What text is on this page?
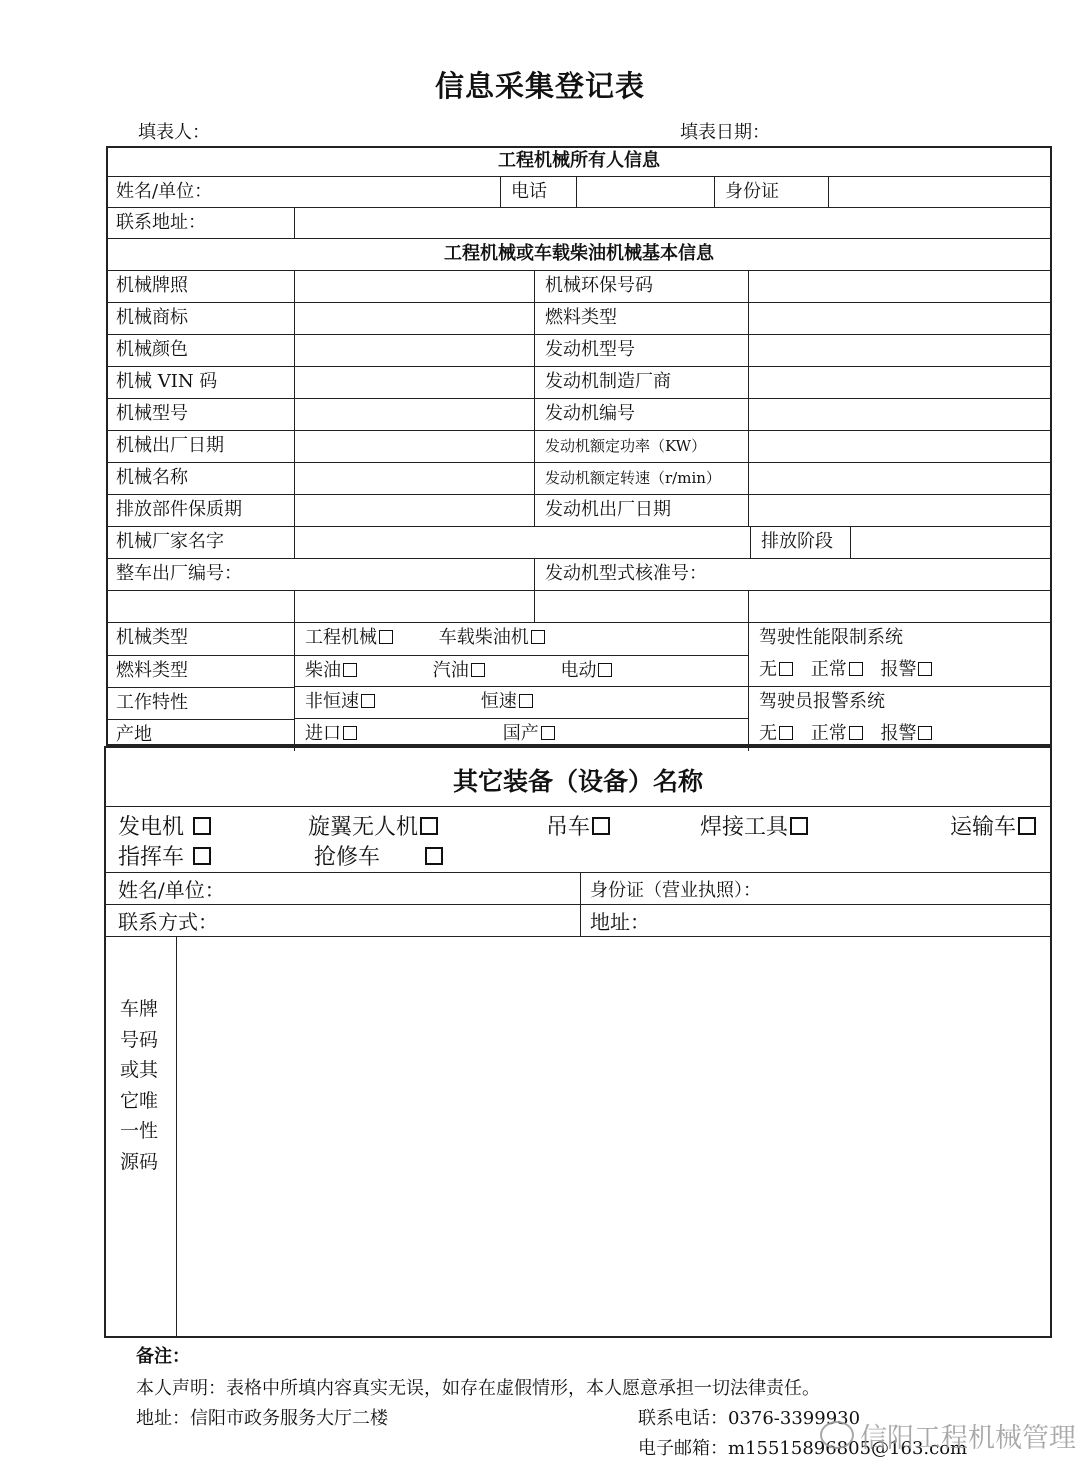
信息采集登记表
填表人：	填表日期：
工程机械所有人信息
姓名/单位：	电话	身份证
联系地址：
工程机械或车载柴油机械基本信息
机械牌照	机械环保号码
机械商标	燃料类型
机械颜色	发动机型号
机械 VIN 码	发动机制造厂商
机械型号	发动机编号
机械出厂日期	发动机额定功率（KW）
机械名称	发动机额定转速（r/min）
排放部件保质期	发动机出厂日期
机械厂家名字	排放阶段
整车出厂编号：	发动机型式核准号：
机械类型	工程机械	车载柴油机	驾驶性能限制系统
燃料类型	柴油	汽油	电动	无 正常 报警
工作特性	非恒速	恒速	驾驶员报警系统
产地	进口	国产	无 正常 报警
其它装备（设备）名称
发电机	旋翼无人机	吊车	焊接工具	运输车
指挥车	抢修车
姓名/单位：	身份证（营业执照）：
联系方式：	地址：
车牌
号码
或其
它唯
一性
源码
备注：
本人声明：表格中所填内容真实无误，如存在虚假情形，本人愿意承担一切法律责任。
地址：信阳市政务服务大厅二楼	联系电话：0376-3399930
电子邮箱：m15515896805@163.com
信阳工程机械管理
